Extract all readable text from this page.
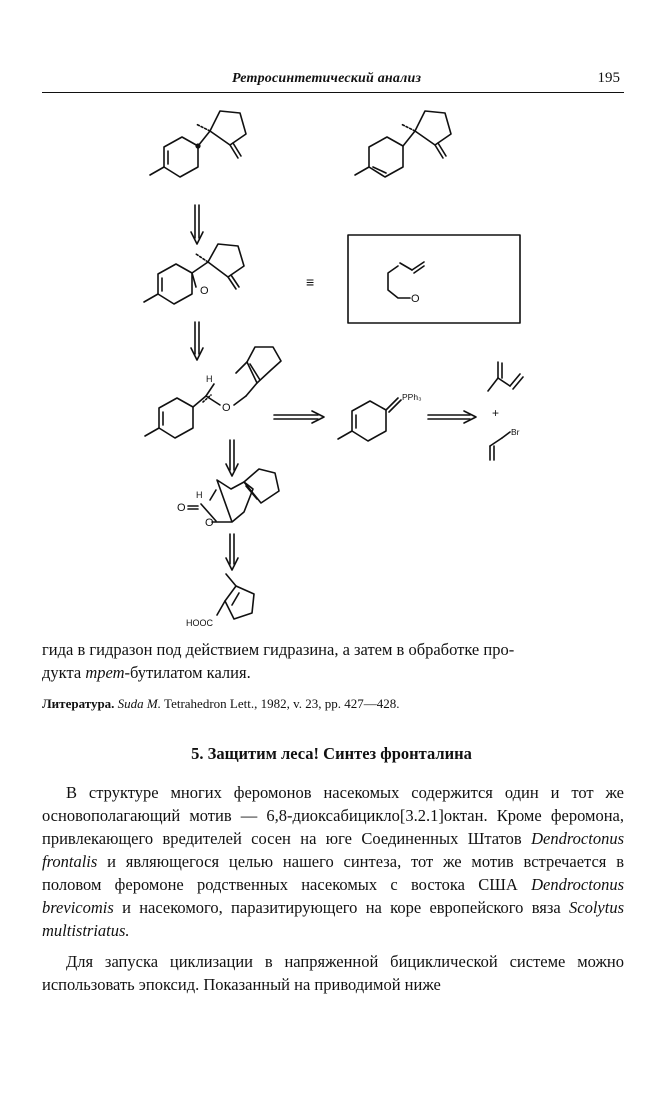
Ретросинтетический анализ	195
≡
O
O
H
O
PPh₃
+
Br
H
O
O
HOOC
гида в гидразон под действием гидразина, а затем в обработке про-
дукта трет-бутилатом калия.
Литература. Suda M. Tetrahedron Lett., 1982, v. 23, pp. 427—428.
5. Защитим леса! Синтез фронталина
В структуре многих феромонов насекомых содержится один и тот же основополагающий мотив — 6,8-диоксабицикло[3.2.1]октан. Кроме феромона, привлекающего вредителей сосен на юге Соединенных Штатов Dendroctonus frontalis и являющегося целью нашего синтеза, тот же мотив встречается в половом феромоне родственных насекомых с востока США Dendroctonus brevicomis и насекомого, паразитирующего на коре европейского вяза Scolytus multistriatus.
Для запуска циклизации в напряженной бициклической системе можно использовать эпоксид. Показанный на приводимой ниже
